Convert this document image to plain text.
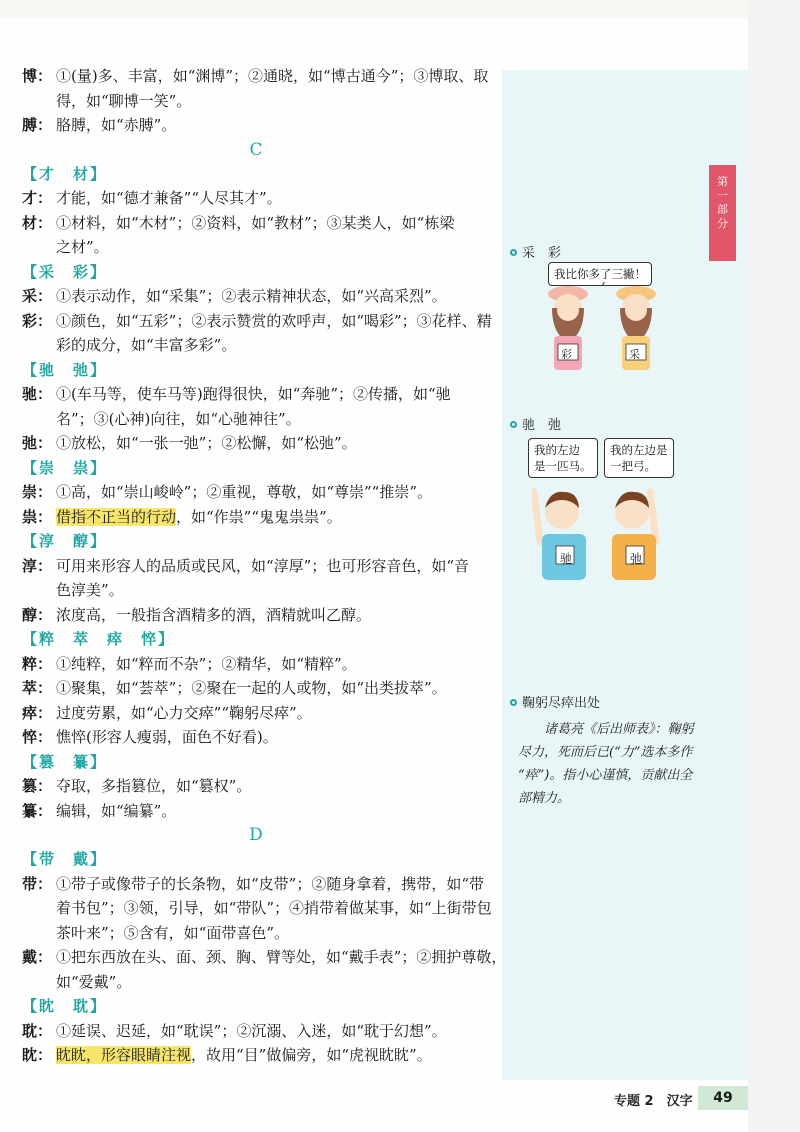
采　彩
我比你多了三撇！
彩	采
驰　弛
我的左边
是一匹马。
我的左边是
一把弓。
驰	弛
鞠躬尽瘁出处
诸葛亮《后出师表》：鞠躬
尽力，死而后已(“力”选本多作
“瘁”)。指小心谨慎，贡献出全
部精力。
第
一
部
分
博： ①(量)多、丰富，如“渊博”；②通晓，如“博古通今”；③博取、取
得，如“聊博一笑”。
膊： 胳膊，如“赤膊”。
C
【才　材】
才： 才能，如“德才兼备”“人尽其才”。
材： ①材料，如“木材”；②资料，如“教材”；③某类人，如“栋梁
之材”。
【采　彩】
采： ①表示动作，如“采集”；②表示精神状态，如“兴高采烈”。
彩： ①颜色，如“五彩”；②表示赞赏的欢呼声，如“喝彩”；③花样、精
彩的成分，如“丰富多彩”。
【驰　弛】
驰： ①(车马等，使车马等)跑得很快，如“奔驰”；②传播，如“驰
名”；③(心神)向往，如“心驰神往”。
弛： ①放松，如“一张一弛”；②松懈，如“松弛”。
【崇　祟】
崇： ①高，如“崇山峻岭”；②重视，尊敬，如“尊崇”“推崇”。
祟： 借指不正当的行动，如“作祟”“鬼鬼祟祟”。
【淳　醇】
淳： 可用来形容人的品质或民风，如“淳厚”；也可形容音色，如“音
色淳美”。
醇： 浓度高，一般指含酒精多的酒，酒精就叫乙醇。
【粹　萃　瘁　悴】
粹： ①纯粹，如“粹而不杂”；②精华，如“精粹”。
萃： ①聚集，如“荟萃”；②聚在一起的人或物，如“出类拔萃”。
瘁： 过度劳累，如“心力交瘁”“鞠躬尽瘁”。
悴： 憔悴(形容人瘦弱，面色不好看)。
【篡　纂】
篡： 夺取，多指篡位，如“篡权”。
纂： 编辑，如“编纂”。
D
【带　戴】
带： ①带子或像带子的长条物，如“皮带”；②随身拿着，携带，如“带
着书包”；③领，引导，如“带队”；④捎带着做某事，如“上街带包
茶叶来”；⑤含有，如“面带喜色”。
戴： ①把东西放在头、面、颈、胸、臂等处，如“戴手表”；②拥护尊敬，
如“爱戴”。
【眈　耽】
耽： ①延误、迟延，如“耽误”；②沉溺、入迷，如“耽于幻想”。
眈： 眈眈，形容眼睛注视，故用“目”做偏旁，如“虎视眈眈”。
专题 2　汉字	49
